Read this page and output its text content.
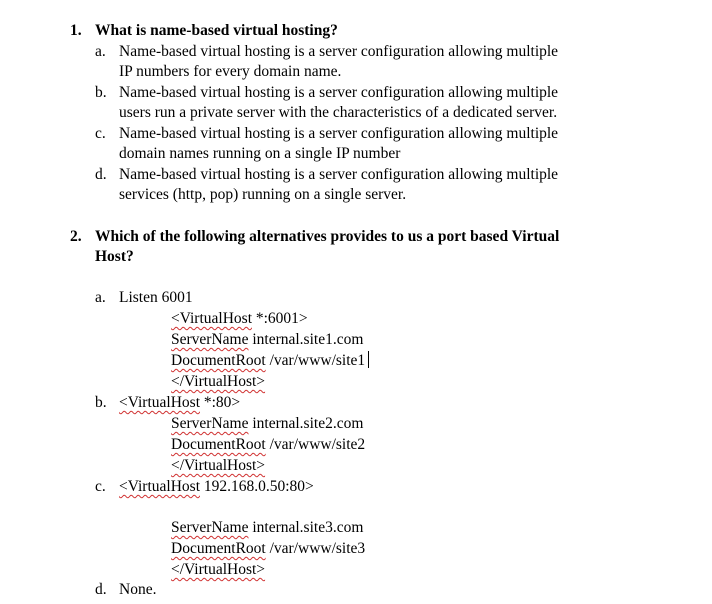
1. What is name-based virtual hosting?
a. Name-based virtual hosting is a server configuration allowing multiple
IP numbers for every domain name.
b. Name-based virtual hosting is a server configuration allowing multiple
users run a private server with the characteristics of a dedicated server.
c. Name-based virtual hosting is a server configuration allowing multiple
domain names running on a single IP number
d. Name-based virtual hosting is a server configuration allowing multiple
services (http, pop) running on a single server.
2. Which of the following alternatives provides to us a port based Virtual
Host?
a. Listen 6001
<VirtualHost *:6001>
ServerName internal.site1.com
DocumentRoot /var/www/site1
</VirtualHost>
b. <VirtualHost *:80>
ServerName internal.site2.com
DocumentRoot /var/www/site2
</VirtualHost>
c. <VirtualHost 192.168.0.50:80>
ServerName internal.site3.com
DocumentRoot /var/www/site3
</VirtualHost>
d. None.
